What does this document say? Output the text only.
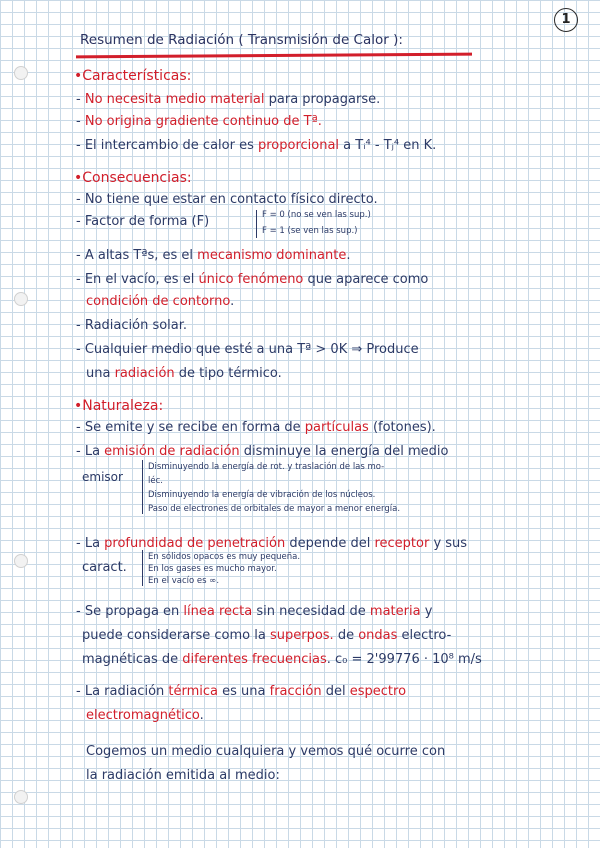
1
Resumen de Radiación ( Transmisión de Calor ):
•Características:
- No necesita medio material para propagarse.
- No origina gradiente continuo de Tª.
- El intercambio de calor es proporcional a Tᵢ⁴ - Tⱼ⁴ en K.
•Consecuencias:
- No tiene que estar en contacto físico directo.
- Factor de forma (F)	F = 0 (no se ven las sup.)
F = 1 (se ven las sup.)
- A altas Tªs, es el mecanismo dominante.
- En el vacío, es el único fenómeno que aparece como
condición de contorno.
- Radiación solar.
- Cualquier medio que esté a una Tª > 0K ⇒ Produce
una radiación de tipo térmico.
•Naturaleza:
- Se emite y se recibe en forma de partículas (fotones).
- La emisión de radiación disminuye la energía del medio
emisor
Disminuyendo la energía de rot. y traslación de las mo-
léc.
Disminuyendo la energía de vibración de los núcleos.
Paso de electrones de orbitales de mayor a menor energía.
- La profundidad de penetración depende del receptor y sus
caract.
En sólidos opacos es muy pequeña.
En los gases es mucho mayor.
En el vacío es ∞.
- Se propaga en línea recta sin necesidad de materia y
puede considerarse como la superpos. de ondas electro-
magnéticas de diferentes frecuencias. c₀ = 2'99776 · 10⁸ m/s
- La radiación térmica es una fracción del espectro
electromagnético.
Cogemos un medio cualquiera y vemos qué ocurre con
la radiación emitida al medio:
